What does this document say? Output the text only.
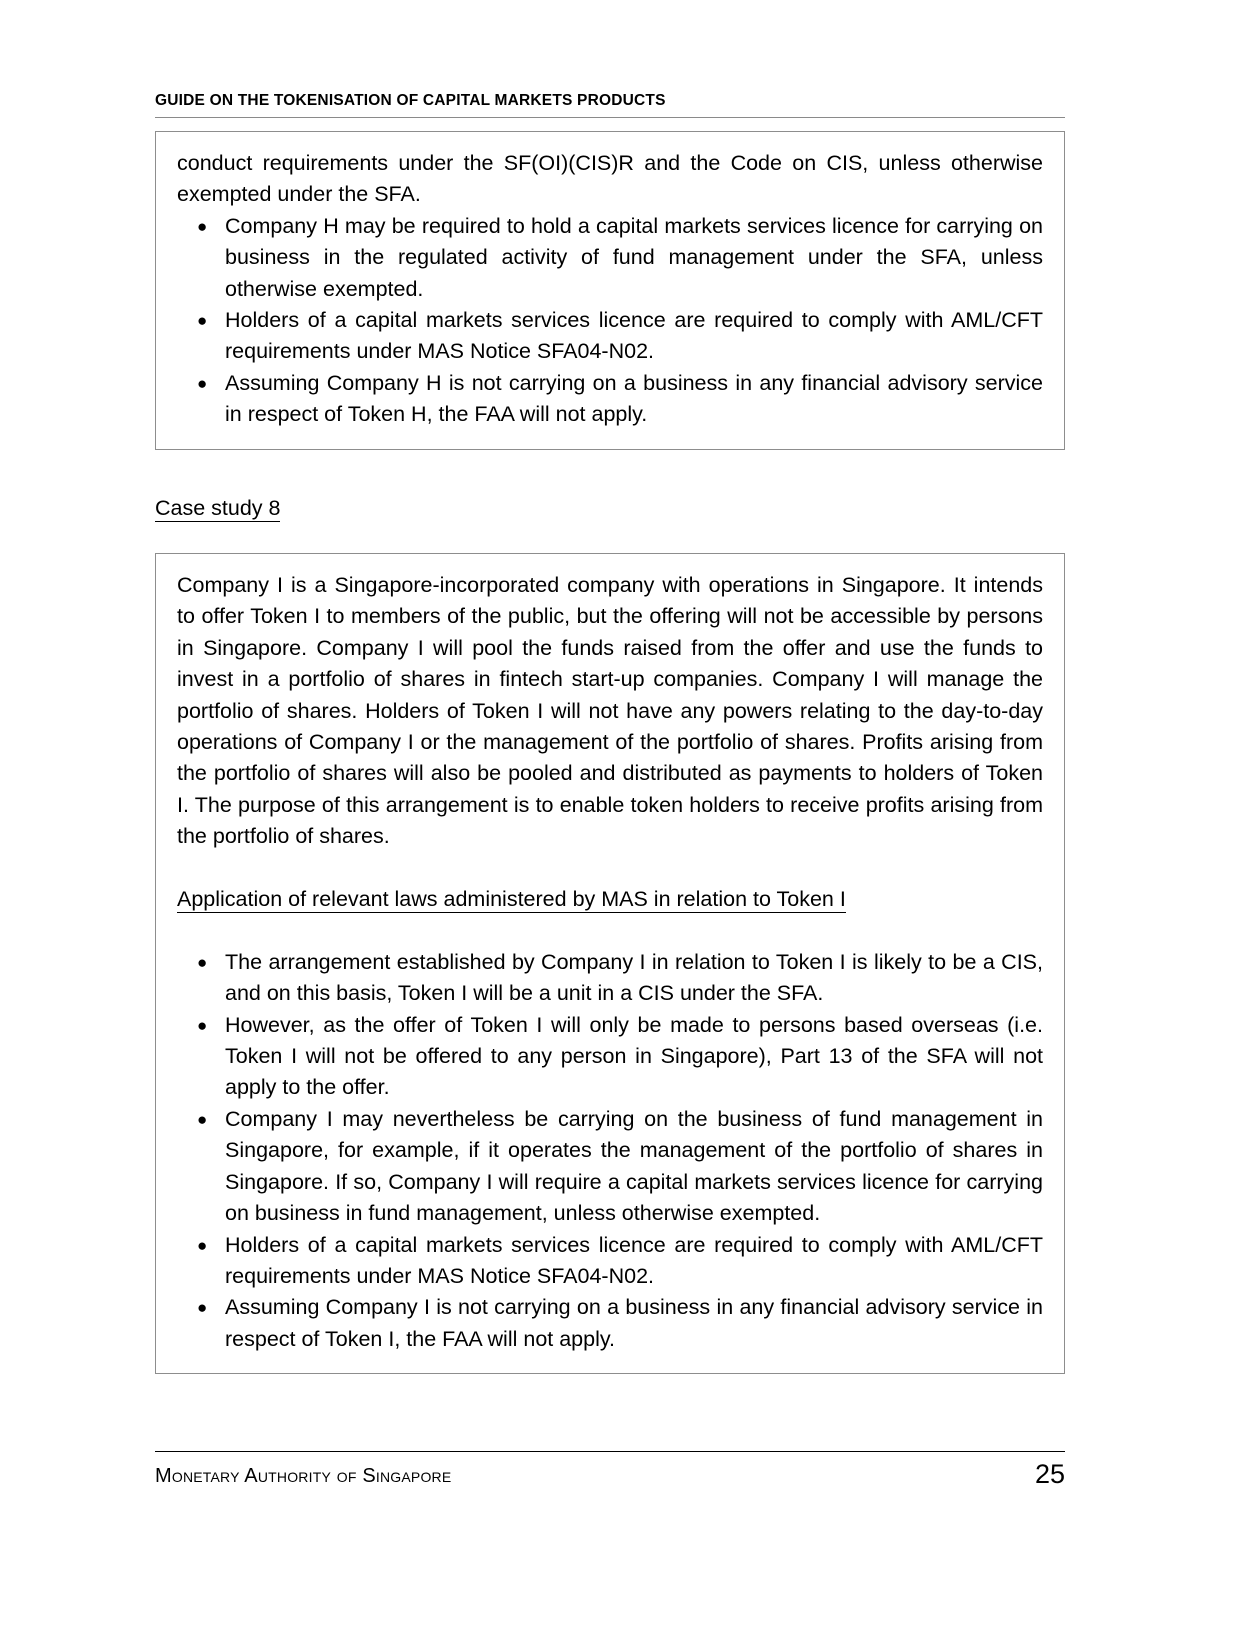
GUIDE ON THE TOKENISATION OF CAPITAL MARKETS PRODUCTS

conduct requirements under the SF(OI)(CIS)R and the Code on CIS, unless otherwise exempted under the SFA.

● Company H may be required to hold a capital markets services licence for carrying on business in the regulated activity of fund management under the SFA, unless otherwise exempted.
● Holders of a capital markets services licence are required to comply with AML/CFT requirements under MAS Notice SFA04-N02.
● Assuming Company H is not carrying on a business in any financial advisory service in respect of Token H, the FAA will not apply.
Case study 8

Company I is a Singapore-incorporated company with operations in Singapore. It intends to offer Token I to members of the public, but the offering will not be accessible by persons in Singapore. Company I will pool the funds raised from the offer and use the funds to invest in a portfolio of shares in fintech start-up companies. Company I will manage the portfolio of shares. Holders of Token I will not have any powers relating to the day-to-day operations of Company I or the management of the portfolio of shares. Profits arising from the portfolio of shares will also be pooled and distributed as payments to holders of Token I. The purpose of this arrangement is to enable token holders to receive profits arising from the portfolio of shares.

Application of relevant laws administered by MAS in relation to Token I

● The arrangement established by Company I in relation to Token I is likely to be a CIS, and on this basis, Token I will be a unit in a CIS under the SFA.
● However, as the offer of Token I will only be made to persons based overseas (i.e. Token I will not be offered to any person in Singapore), Part 13 of the SFA will not apply to the offer.
● Company I may nevertheless be carrying on the business of fund management in Singapore, for example, if it operates the management of the portfolio of shares in Singapore. If so, Company I will require a capital markets services licence for carrying on business in fund management, unless otherwise exempted.
● Holders of a capital markets services licence are required to comply with AML/CFT requirements under MAS Notice SFA04-N02.
● Assuming Company I is not carrying on a business in any financial advisory service in respect of Token I, the FAA will not apply.
Monetary Authority of Singapore	25
